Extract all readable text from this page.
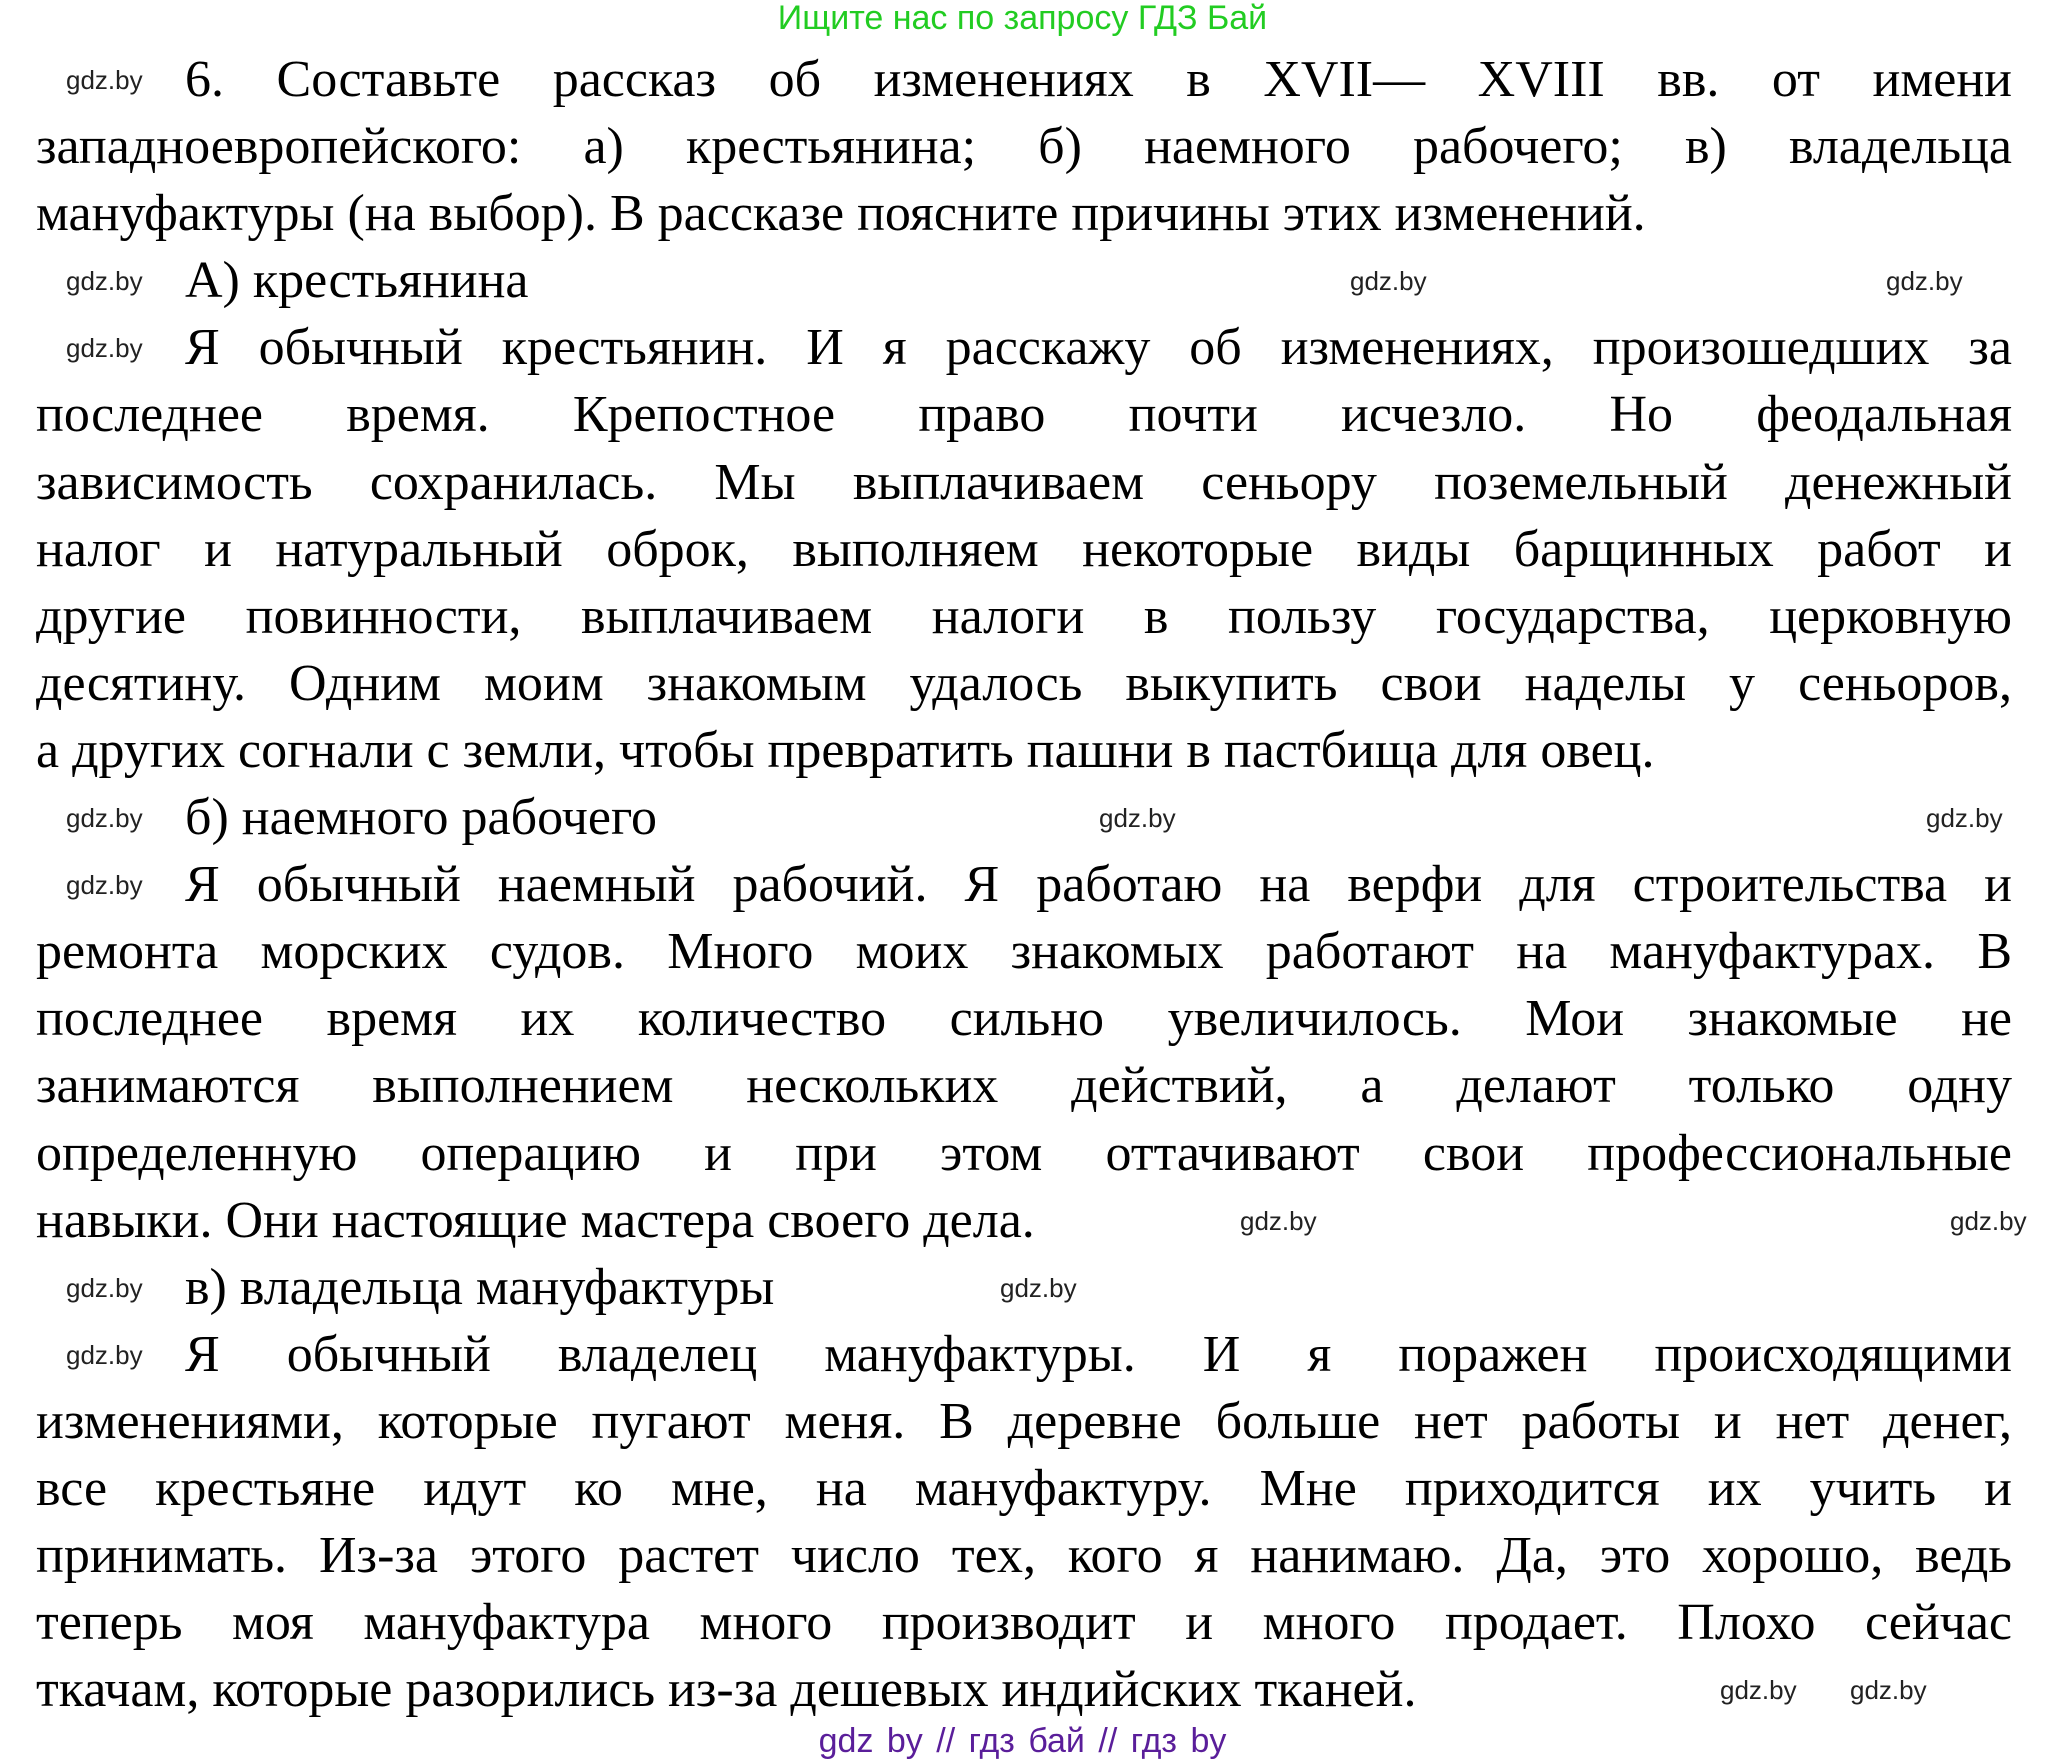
Ищите нас по запросу ГДЗ Бай
6. Составьте рассказ об изменениях в XVII— XVIII вв. от имени
западноевропейского: а) крестьянина; б) наемного рабочего; в) владельца
мануфактуры (на выбор). В рассказе поясните причины этих изменений.
А) крестьянина
Я обычный крестьянин. И я расскажу об изменениях, произошедших за
последнее время. Крепостное право почти исчезло. Но феодальная
зависимость сохранилась. Мы выплачиваем сеньору поземельный денежный
налог и натуральный оброк, выполняем некоторые виды барщинных работ и
другие повинности, выплачиваем налоги в пользу государства, церковную
десятину. Одним моим знакомым удалось выкупить свои наделы у сеньоров,
а других согнали с земли, чтобы превратить пашни в пастбища для овец.
б) наемного рабочего
Я обычный наемный рабочий. Я работаю на верфи для строительства и
ремонта морских судов. Много моих знакомых работают на мануфактурах. В
последнее время их количество сильно увеличилось. Мои знакомые не
занимаются выполнением нескольких действий, а делают только одну
определенную операцию и при этом оттачивают свои профессиональные
навыки. Они настоящие мастера своего дела.
в) владельца мануфактуры
Я обычный владелец мануфактуры. И я поражен происходящими
изменениями, которые пугают меня. В деревне больше нет работы и нет денег,
все крестьяне идут ко мне, на мануфактуру. Мне приходится их учить и
принимать. Из-за этого растет число тех, кого я нанимаю. Да, это хорошо, ведь
теперь моя мануфактура много производит и много продает. Плохо сейчас
ткачам, которые разорились из-за дешевых индийских тканей.
gdz.by
gdz.by
gdz.by
gdz.by
gdz.by
gdz.by
gdz.by
gdz.by
gdz.by
gdz.by
gdz.by
gdz.by	gdz.by
gdz.by
gdz.by gdz.by
gdz by // гдз бай // гдз by
